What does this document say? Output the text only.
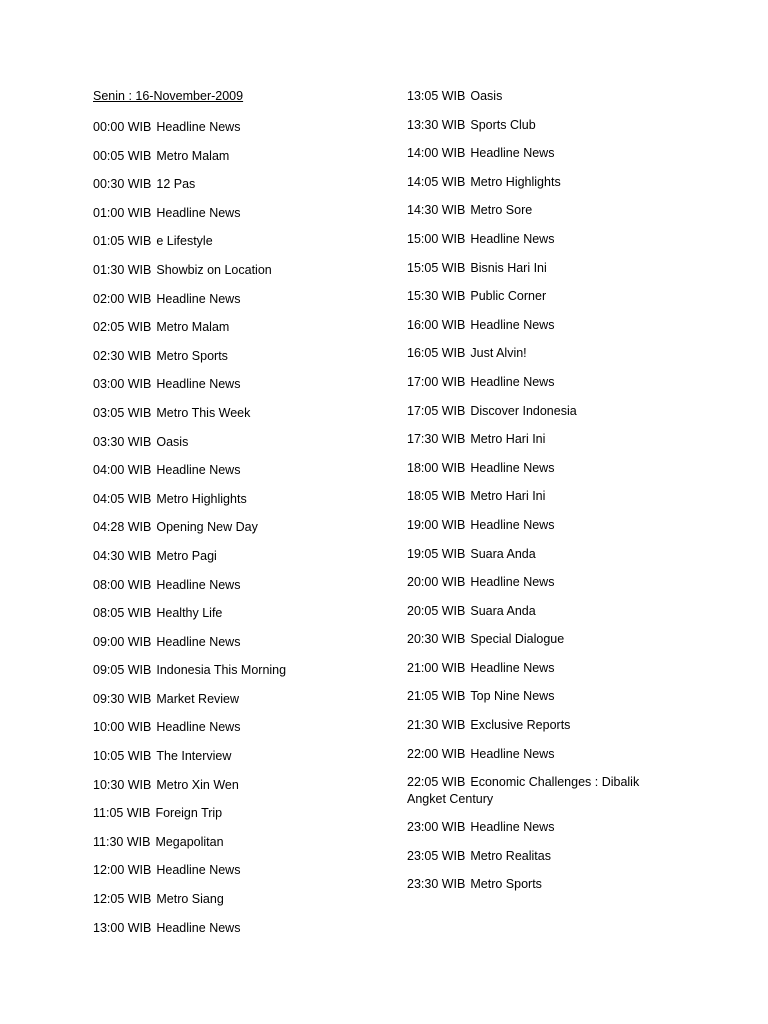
Senin : 16-November-2009
00:00 WIB Headline News
00:05 WIB Metro Malam
00:30 WIB 12 Pas
01:00 WIB Headline News
01:05 WIB e Lifestyle
01:30 WIB Showbiz on Location
02:00 WIB Headline News
02:05 WIB Metro Malam
02:30 WIB Metro Sports
03:00 WIB Headline News
03:05 WIB Metro This Week
03:30 WIB Oasis
04:00 WIB Headline News
04:05 WIB Metro Highlights
04:28 WIB Opening New Day
04:30 WIB Metro Pagi
08:00 WIB Headline News
08:05 WIB Healthy Life
09:00 WIB Headline News
09:05 WIB Indonesia This Morning
09:30 WIB Market Review
10:00 WIB Headline News
10:05 WIB The Interview
10:30 WIB Metro Xin Wen
11:05 WIB Foreign Trip
11:30 WIB Megapolitan
12:00 WIB Headline News
12:05 WIB Metro Siang
13:00 WIB Headline News
13:05 WIB Oasis
13:30 WIB Sports Club
14:00 WIB Headline News
14:05 WIB Metro Highlights
14:30 WIB Metro Sore
15:00 WIB Headline News
15:05 WIB Bisnis Hari Ini
15:30 WIB Public Corner
16:00 WIB Headline News
16:05 WIB Just Alvin!
17:00 WIB Headline News
17:05 WIB Discover Indonesia
17:30 WIB Metro Hari Ini
18:00 WIB Headline News
18:05 WIB Metro Hari Ini
19:00 WIB Headline News
19:05 WIB Suara Anda
20:00 WIB Headline News
20:05 WIB Suara Anda
20:30 WIB Special Dialogue
21:00 WIB Headline News
21:05 WIB Top Nine News
21:30 WIB Exclusive Reports
22:00 WIB Headline News
22:05 WIB Economic Challenges : Dibalik Angket Century
23:00 WIB Headline News
23:05 WIB Metro Realitas
23:30 WIB Metro Sports
